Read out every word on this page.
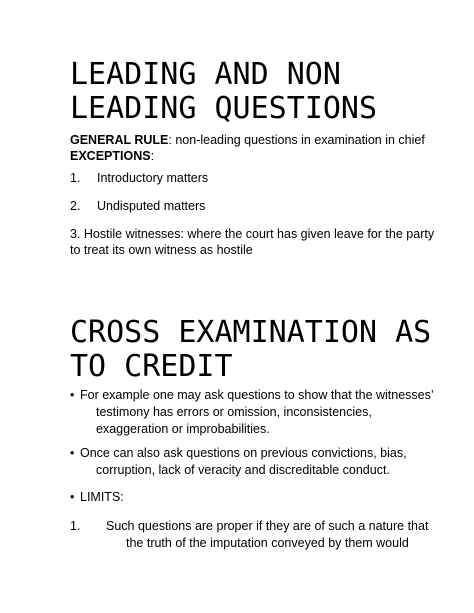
LEADING AND NON
LEADING QUESTIONS
GENERAL RULE: non-leading questions in examination in chief
EXCEPTIONS:
1. Introductory matters
2. Undisputed matters
3. Hostile witnesses: where the court has given leave for the party
to treat its own witness as hostile
CROSS EXAMINATION AS
TO CREDIT
• For example one may ask questions to show that the witnesses’
testimony has errors or omission, inconsistencies,
exaggeration or improbabilities.
• Once can also ask questions on previous convictions, bias,
corruption, lack of veracity and discreditable conduct.
• LIMITS:
1. Such questions are proper if they are of such a nature that
the truth of the imputation conveyed by them would
